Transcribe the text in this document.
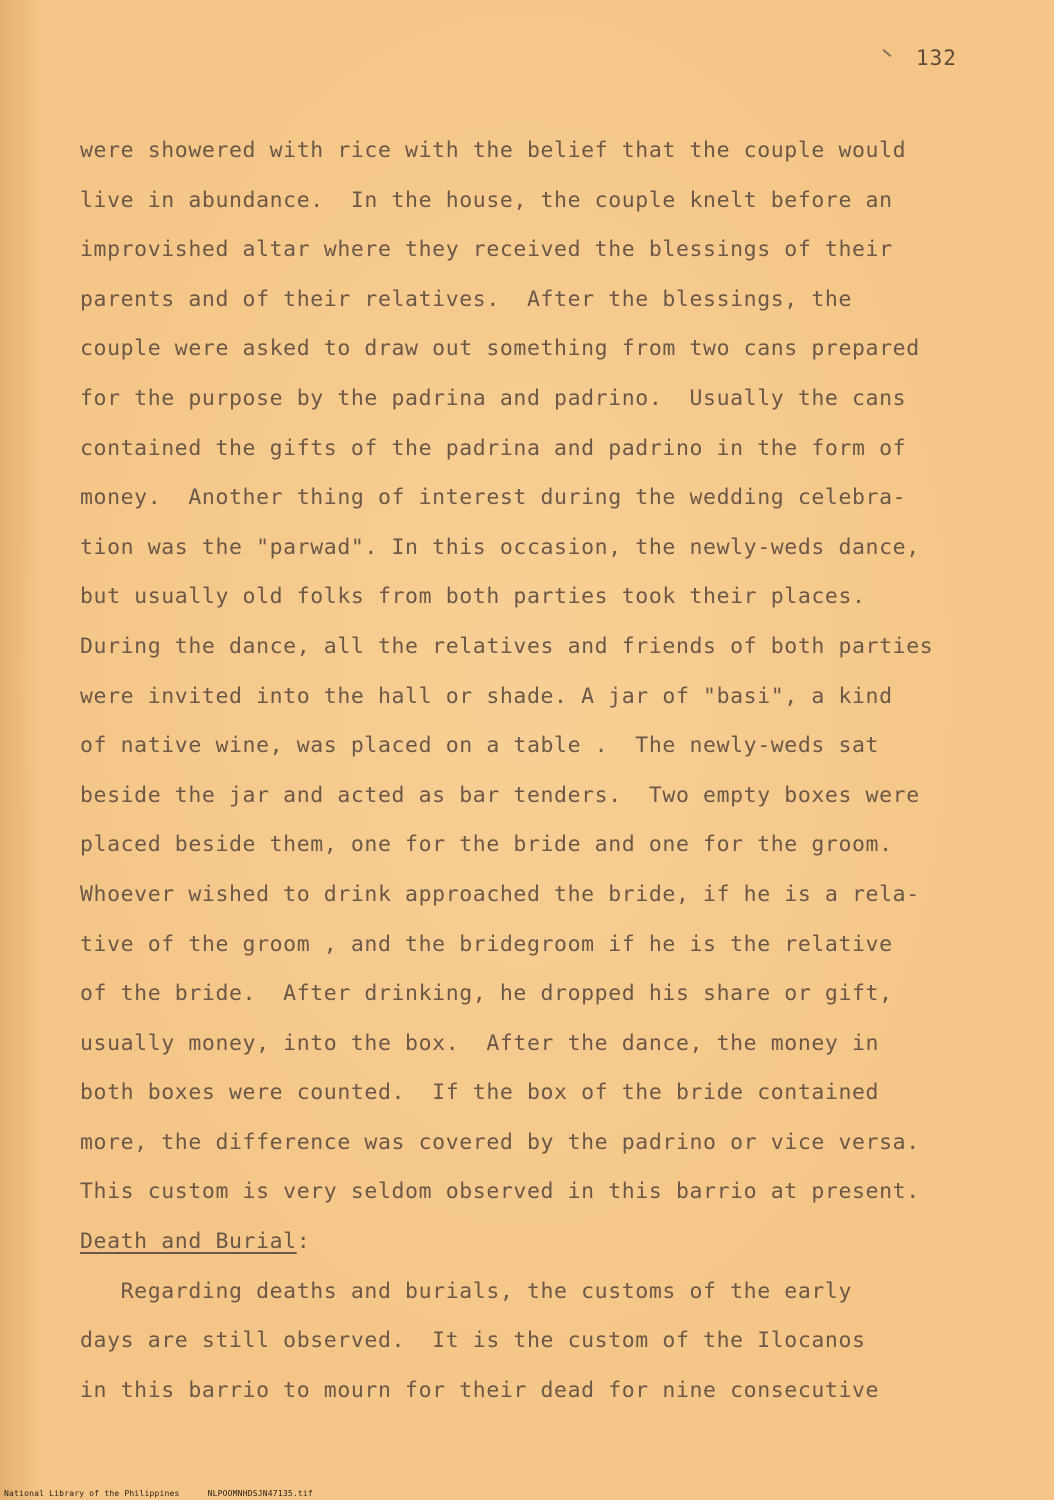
132
were showered with rice with the belief that the couple would
live in abundance.  In the house, the couple knelt before an
improvished altar where they received the blessings of their
parents and of their relatives.  After the blessings, the
couple were asked to draw out something from two cans prepared
for the purpose by the padrina and padrino.  Usually the cans
contained the gifts of the padrina and padrino in the form of
money.  Another thing of interest during the wedding celebra-
tion was the "parwad". In this occasion, the newly-weds dance,
but usually old folks from both parties took their places.
During the dance, all the relatives and friends of both parties
were invited into the hall or shade. A jar of "basi", a kind
of native wine, was placed on a table .  The newly-weds sat
beside the jar and acted as bar tenders.  Two empty boxes were
placed beside them, one for the bride and one for the groom.
Whoever wished to drink approached the bride, if he is a rela-
tive of the groom , and the bridegroom if he is the relative
of the bride.  After drinking, he dropped his share or gift,
usually money, into the box.  After the dance, the money in
both boxes were counted.  If the box of the bride contained
more, the difference was covered by the padrino or vice versa.
This custom is very seldom observed in this barrio at present.
Death and Burial:
Regarding deaths and burials, the customs of the early
days are still observed.  It is the custom of the Ilocanos
in this barrio to mourn for their dead for nine consecutive
National Library of the Philippines	NLPOOMNHDSJN47135.tif
